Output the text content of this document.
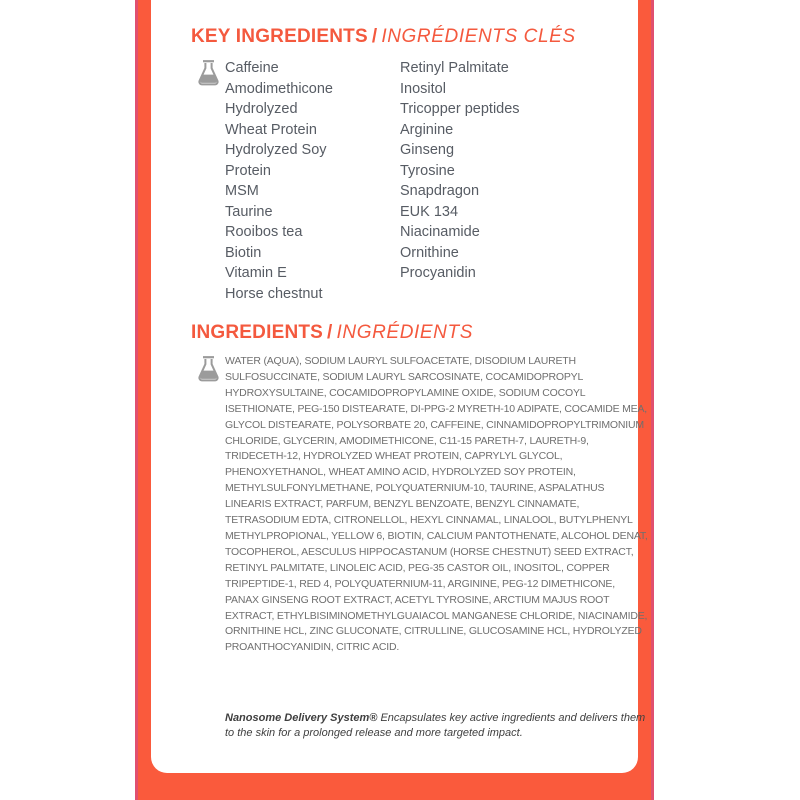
KEY INGREDIENTS / INGRÉDIENTS CLÉS
Caffeine
Amodimethicone
Hydrolyzed Wheat Protein
Hydrolyzed Soy Protein
MSM
Taurine
Rooibos tea
Biotin
Vitamin E
Horse chestnut
Retinyl Palmitate
Inositol
Tricopper peptides
Arginine
Ginseng
Tyrosine
Snapdragon
EUK 134
Niacinamide
Ornithine
Procyanidin
INGREDIENTS / INGRÉDIENTS
WATER (AQUA), SODIUM LAURYL SULFOACETATE, DISODIUM LAURETH SULFOSUCCINATE, SODIUM LAURYL SARCOSINATE, COCAMIDOPROPYL HYDROXYSULTAINE, COCAMIDOPROPYLAMINE OXIDE, SODIUM COCOYL ISETHIONATE, PEG-150 DISTEARATE, DI-PPG-2 MYRETH-10 ADIPATE, COCAMIDE MEA, GLYCOL DISTEARATE, POLYSORBATE 20, CAFFEINE, CINNAMIDOPROPYLTRIMONIUM CHLORIDE, GLYCERIN, AMODIMETHICONE, C11-15 PARETH-7, LAURETH-9, TRIDECETH-12, HYDROLYZED WHEAT PROTEIN, CAPRYLYL GLYCOL, PHENOXYETHANOL, WHEAT AMINO ACID, HYDROLYZED SOY PROTEIN, METHYLSULFONYLMETHANE, POLYQUATERNIUM-10, TAURINE, ASPALATHUS LINEARIS EXTRACT, PARFUM, BENZYL BENZOATE, BENZYL CINNAMATE, TETRASODIUM EDTA, CITRONELLOL, HEXYL CINNAMAL, LINALOOL, BUTYLPHENYL METHYLPROPIONAL, YELLOW 6, BIOTIN, CALCIUM PANTOTHENATE, ALCOHOL DENAT, TOCOPHEROL, AESCULUS HIPPOCASTANUM (HORSE CHESTNUT) SEED EXTRACT, RETINYL PALMITATE, LINOLEIC ACID, PEG-35 CASTOR OIL, INOSITOL, COPPER TRIPEPTIDE-1, RED 4, POLYQUATERNIUM-11, ARGININE, PEG-12 DIMETHICONE, PANAX GINSENG ROOT EXTRACT, ACETYL TYROSINE, ARCTIUM MAJUS ROOT EXTRACT, ETHYLBISIMINOMETHYLGUAIACOL MANGANESE CHLORIDE, NIACINAMIDE, ORNITHINE HCL, ZINC GLUCONATE, CITRULLINE, GLUCOSAMINE HCL, HYDROLYZED PROANTHOCYANIDIN, CITRIC ACID.
Nanosome Delivery System® Encapsulates key active ingredients and delivers them to the skin for a prolonged release and more targeted impact.
